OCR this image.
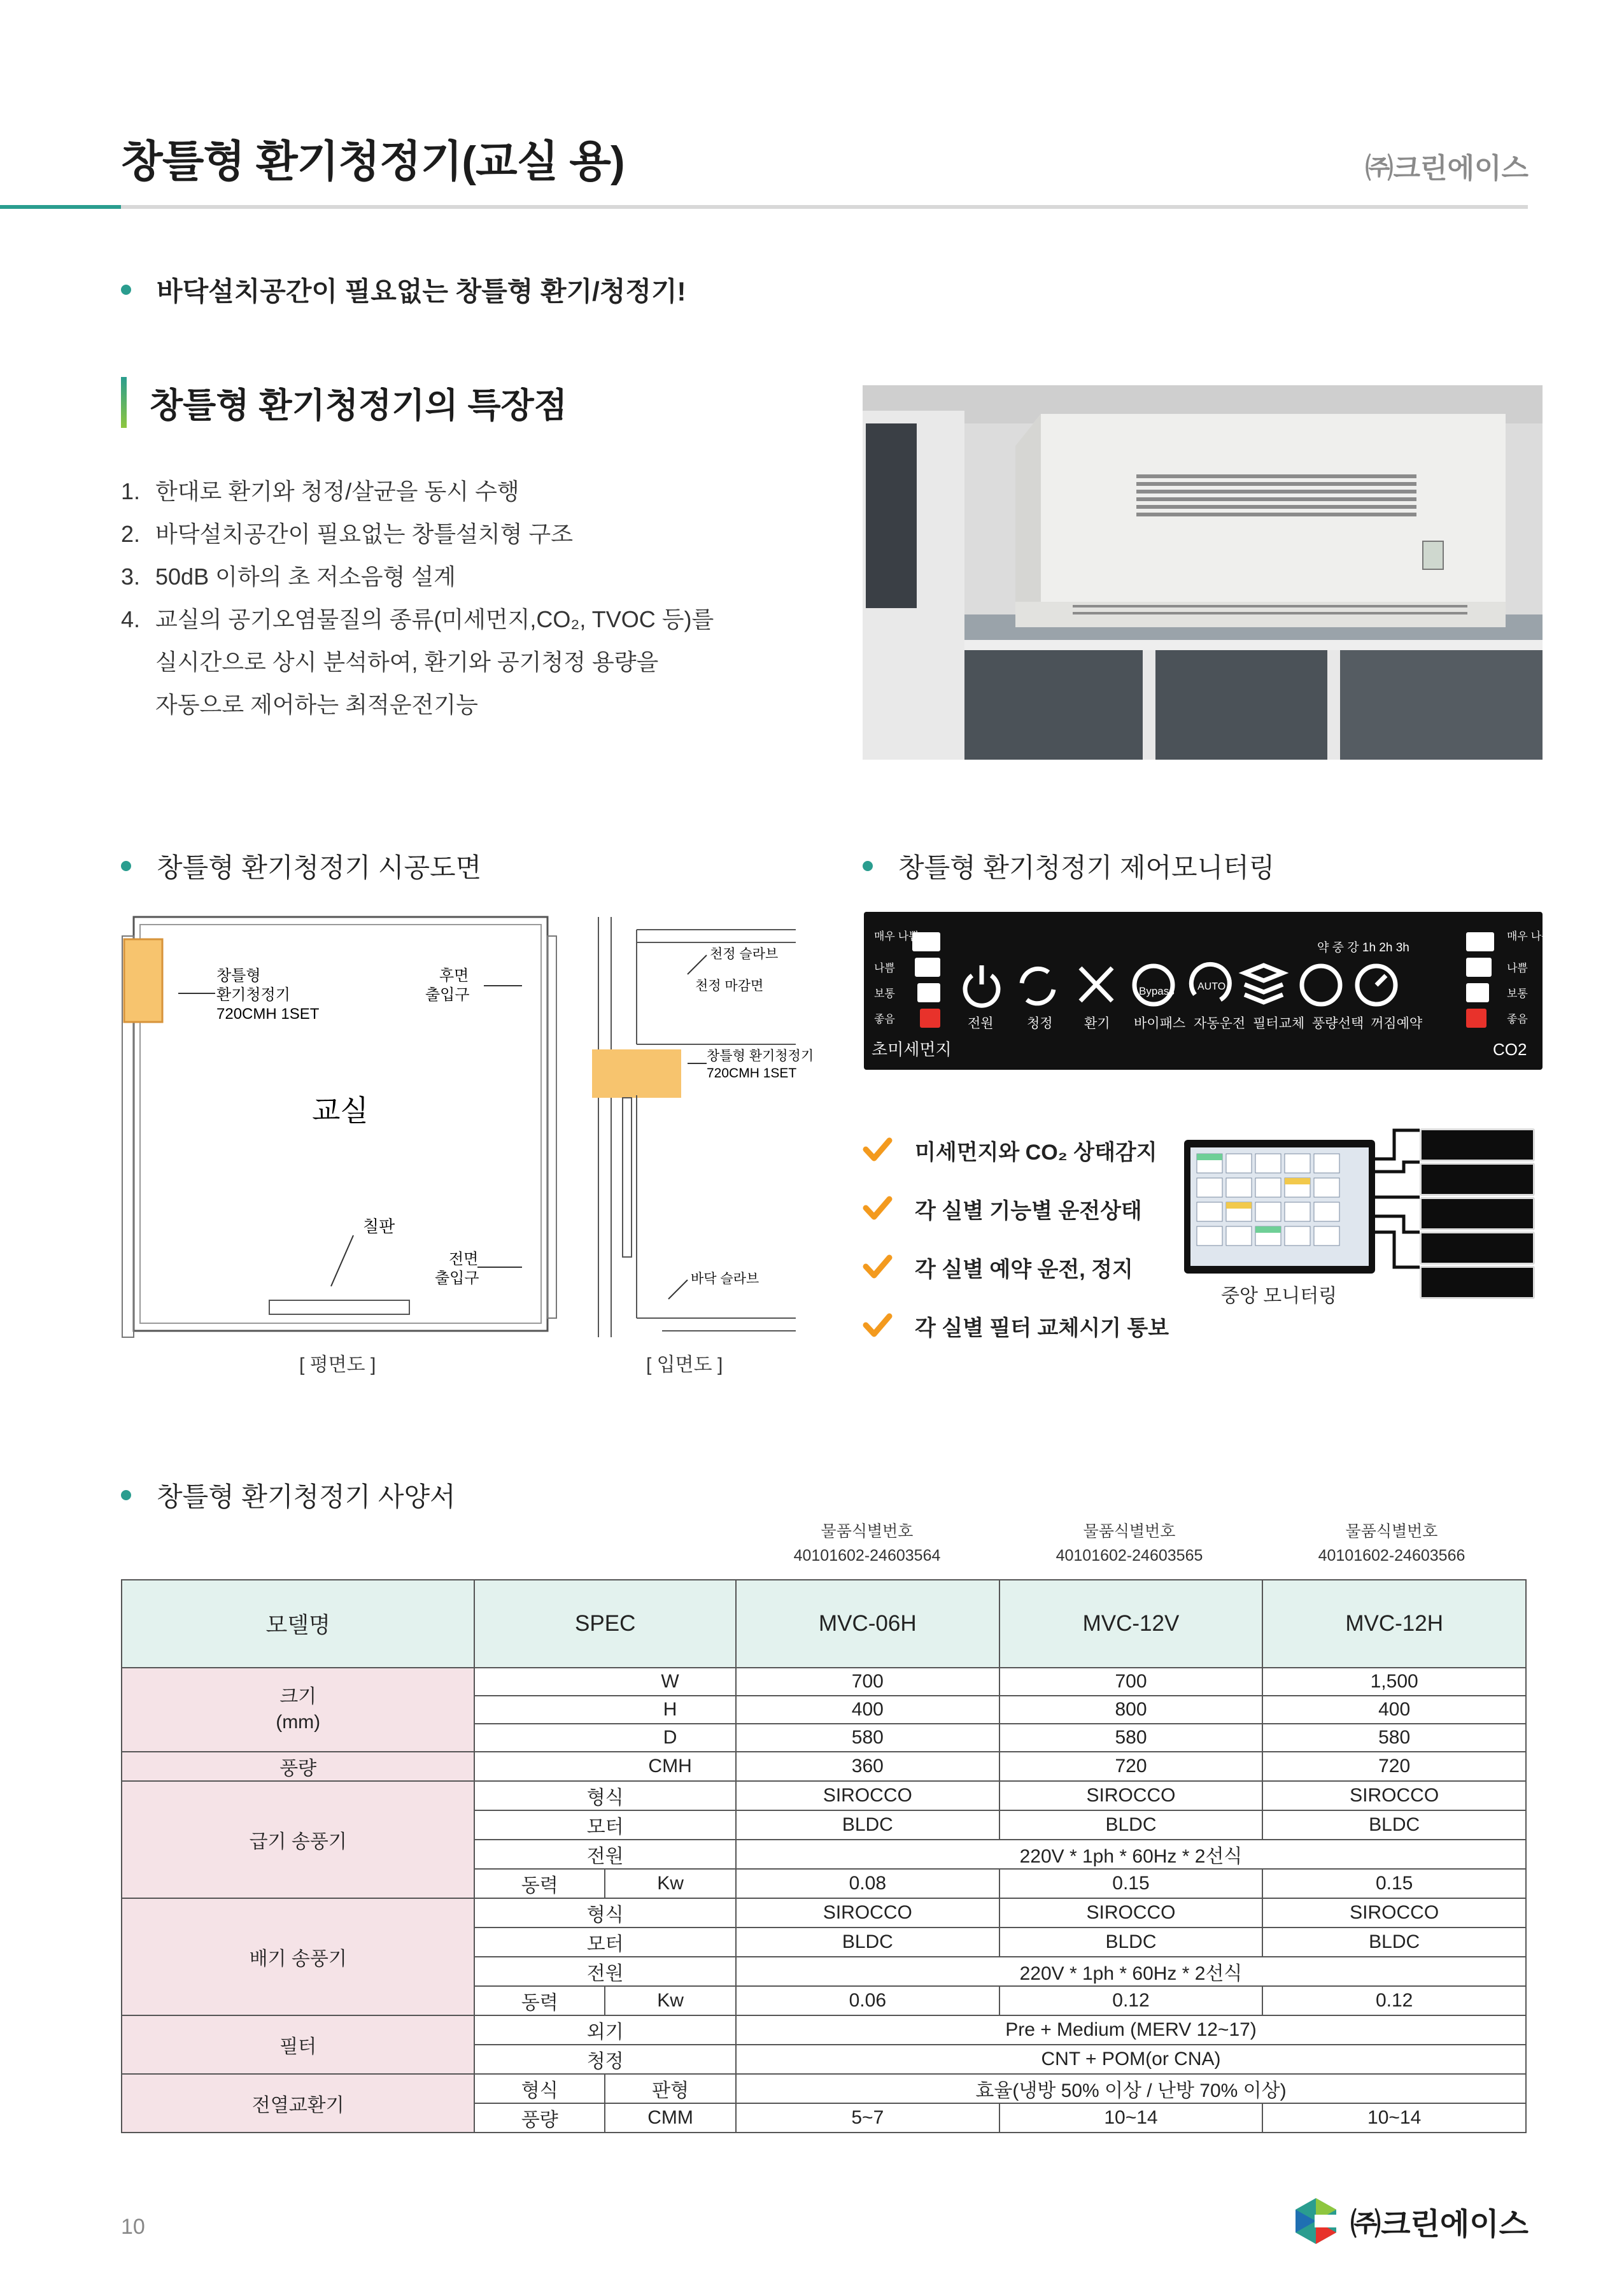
창틀형 환기청정기(교실 용)	㈜크린에이스
바닥설치공간이 필요없는 창틀형 환기/청정기!
창틀형 환기청정기의 특장점
1. 한대로 환기와 청정/살균을 동시 수행
2. 바닥설치공간이 필요없는 창틀설치형 구조
3. 50dB 이하의 초 저소음형 설계
4. 교실의 공기오염물질의 종류(미세먼지,CO₂, TVOC 등)를
실시간으로 상시 분석하여, 환기와 공기청정 용량을
자동으로 제어하는 최적운전기능
창틀형 환기청정기 시공도면
창틀형
환기청정기
720CMH 1SET
후면
출입구
교실
칠판
전면
출입구
천정 슬라브
천정 마감면
창틀형 환기청정기
720CMH 1SET
바닥 슬라브
[ 평면도 ]	[ 입면도 ]
창틀형 환기청정기 제어모니터링
매우 나쁨
나쁨
보통
좋음
초미세먼지
매우 나쁨
나쁨
보통
좋음
CO2
약 중 강 1h 2h 3h
Bypass AUTO
전원 청정 환기 바이패스 자동운전 필터교체 풍량선택 꺼짐예약
미세먼지와 CO₂ 상태감지
각 실별 기능별 운전상태
각 실별 예약 운전, 정지
각 실별 필터 교체시기 통보
중앙 모니터링
창틀형 환기청정기 사양서
물품식별번호
40101602-24603564
물품식별번호
40101602-24603565
물품식별번호
40101602-24603566
모델명	SPEC		MVC-06H	MVC-12V	MVC-12H
크기
(mm)		W	700	700	1,500
		H	400	800	400
		D	580	580	580
풍량		CMH	360	720	720
급기 송풍기	형식		SIROCCO	SIROCCO	SIROCCO
	모터		BLDC	BLDC	BLDC
	전원		220V * 1ph * 60Hz * 2선식		
	동력	Kw	0.08	0.15	0.15
배기 송풍기	형식		SIROCCO	SIROCCO	SIROCCO
	모터		BLDC	BLDC	BLDC
	전원		220V * 1ph * 60Hz * 2선식		
	동력	Kw	0.06	0.12	0.12
필터	외기		Pre + Medium (MERV 12~17)		
	청정		CNT + POM(or CNA)		
전열교환기	형식	판형	효율(냉방 50% 이상 / 난방 70% 이상)		
	풍량	CMM	5~7	10~14	10~14
10	㈜크린에이스
